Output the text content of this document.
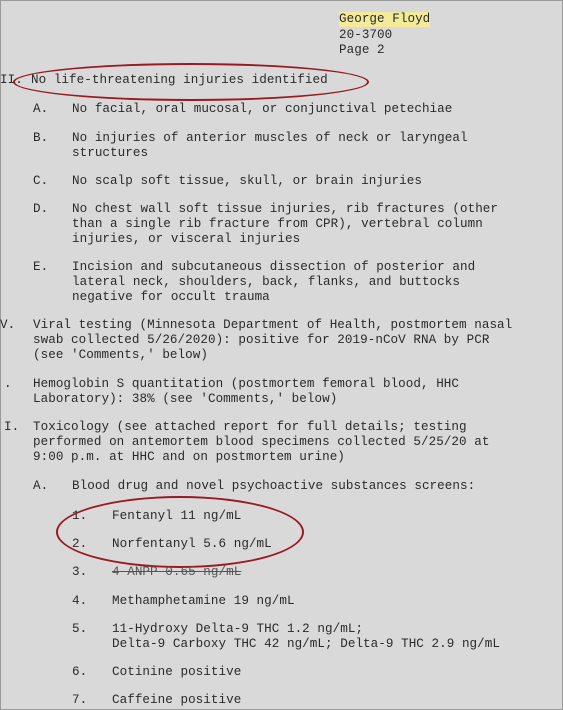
George Floyd
20-3700
Page 2
II. No life-threatening injuries identified
A. No facial, oral mucosal, or conjunctival petechiae
B. No injuries of anterior muscles of neck or laryngeal
structures
C. No scalp soft tissue, skull, or brain injuries
D. No chest wall soft tissue injuries, rib fractures (other
than a single rib fracture from CPR), vertebral column
injuries, or visceral injuries
E. Incision and subcutaneous dissection of posterior and
lateral neck, shoulders, back, flanks, and buttocks
negative for occult trauma
V. Viral testing (Minnesota Department of Health, postmortem nasal
swab collected 5/26/2020): positive for 2019-nCoV RNA by PCR
(see 'Comments,' below)
. Hemoglobin S quantitation (postmortem femoral blood, HHC
Laboratory): 38% (see 'Comments,' below)
I. Toxicology (see attached report for full details; testing
performed on antemortem blood specimens collected 5/25/20 at
9:00 p.m. at HHC and on postmortem urine)
A. Blood drug and novel psychoactive substances screens:
1. Fentanyl 11 ng/mL
2. Norfentanyl 5.6 ng/mL
3. 4-ANPP 0.65 ng/mL
4. Methamphetamine 19 ng/mL
5. 11-Hydroxy Delta-9 THC 1.2 ng/mL;
Delta-9 Carboxy THC 42 ng/mL; Delta-9 THC 2.9 ng/mL
6. Cotinine positive
7. Caffeine positive
